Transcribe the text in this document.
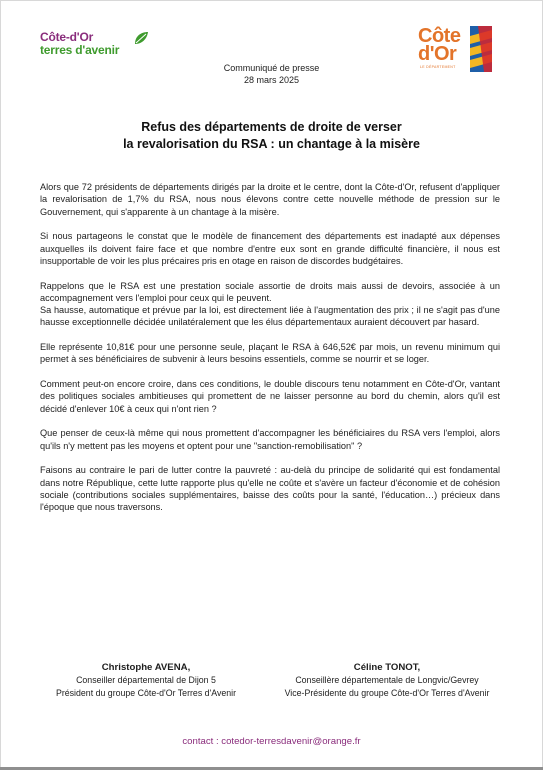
Côte-d'Or
terres d'avenir
Côte
d'Or
LE DÉPARTEMENT
Communiqué de presse
28 mars 2025
Refus des départements de droite de verser
la revalorisation du RSA : un chantage à la misère

Alors que 72 présidents de départements dirigés par la droite et le centre, dont la Côte-d'Or, refusent d'appliquer la revalorisation de 1,7% du RSA, nous nous élevons contre cette nouvelle méthode de pression sur le Gouvernement, qui s'apparente à un chantage à la misère.

Si nous partageons le constat que le modèle de financement des départements est inadapté aux dépenses auxquelles ils doivent faire face et que nombre d'entre eux sont en grande difficulté financière, il nous est insupportable de voir les plus précaires pris en otage en raison de discordes budgétaires.

Rappelons que le RSA est une prestation sociale assortie de droits mais aussi de devoirs, associée à un accompagnement vers l'emploi pour ceux qui le peuvent.
Sa hausse, automatique et prévue par la loi, est directement liée à l'augmentation des prix ; il ne s'agit pas d'une hausse exceptionnelle décidée unilatéralement que les élus départementaux auraient découvert par hasard.

Elle représente 10,81€ pour une personne seule, plaçant le RSA à 646,52€ par mois, un revenu minimum qui permet à ses bénéficiaires de subvenir à leurs besoins essentiels, comme se nourrir et se loger.

Comment peut-on encore croire, dans ces conditions, le double discours tenu notamment en Côte-d'Or, vantant des politiques sociales ambitieuses qui promettent de ne laisser personne au bord du chemin, alors qu'il est décidé d'enlever 10€ à ceux qui n'ont rien ?

Que penser de ceux-là même qui nous promettent d'accompagner les bénéficiaires du RSA vers l'emploi, alors qu'ils n'y mettent pas les moyens et optent pour une "sanction-remobilisation" ?

Faisons au contraire le pari de lutter contre la pauvreté : au-delà du principe de solidarité qui est fondamental dans notre République, cette lutte rapporte plus qu'elle ne coûte et s'avère un facteur d'économie et de cohésion sociale (contributions sociales supplémentaires, baisse des coûts pour la santé, l'éducation…) précieux dans l'époque que nous traversons.

Christophe AVENA,
Conseiller départemental de Dijon 5
Président du groupe Côte-d'Or Terres d'Avenir
Céline TONOT,
Conseillère départementale de Longvic/Gevrey
Vice-Présidente du groupe Côte-d'Or Terres d'Avenir
contact : cotedor-terresdavenir@orange.fr
